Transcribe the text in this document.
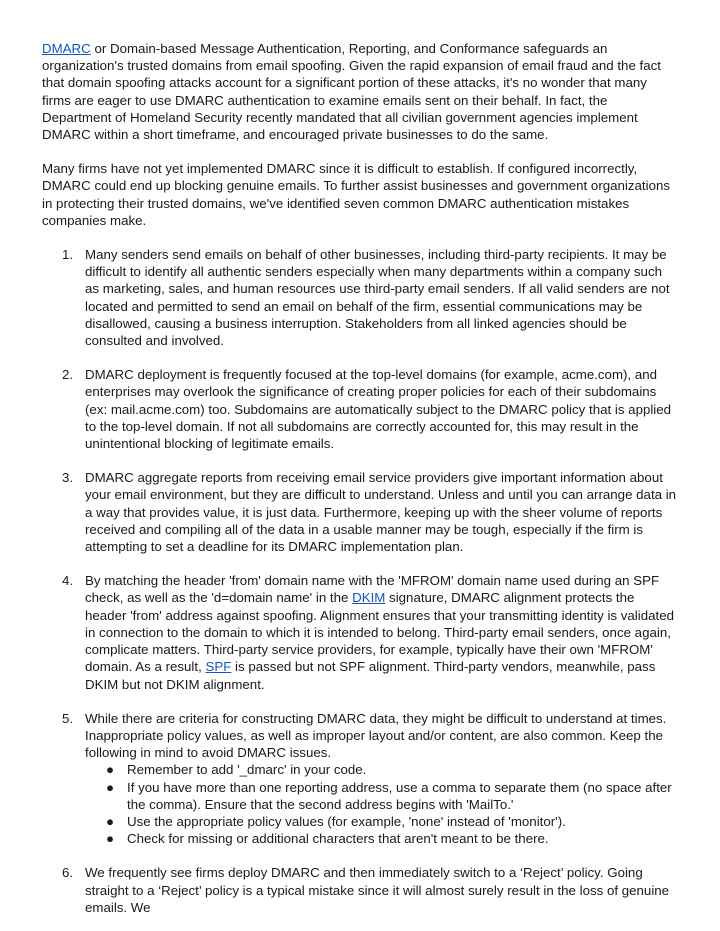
DMARC or Domain-based Message Authentication, Reporting, and Conformance safeguards an organization's trusted domains from email spoofing. Given the rapid expansion of email fraud and the fact that domain spoofing attacks account for a significant portion of these attacks, it's no wonder that many firms are eager to use DMARC authentication to examine emails sent on their behalf. In fact, the Department of Homeland Security recently mandated that all civilian government agencies implement DMARC within a short timeframe, and encouraged private businesses to do the same.

Many firms have not yet implemented DMARC since it is difficult to establish. If configured incorrectly, DMARC could end up blocking genuine emails. To further assist businesses and government organizations in protecting their trusted domains, we've identified seven common DMARC authentication mistakes companies make.

1. Many senders send emails on behalf of other businesses, including third-party recipients. It may be difficult to identify all authentic senders especially when many departments within a company such as marketing, sales, and human resources use third-party email senders. If all valid senders are not located and permitted to send an email on behalf of the firm, essential communications may be disallowed, causing a business interruption. Stakeholders from all linked agencies should be consulted and involved.
2. DMARC deployment is frequently focused at the top-level domains (for example, acme.com), and enterprises may overlook the significance of creating proper policies for each of their subdomains (ex: mail.acme.com) too. Subdomains are automatically subject to the DMARC policy that is applied to the top-level domain. If not all subdomains are correctly accounted for, this may result in the unintentional blocking of legitimate emails.
3. DMARC aggregate reports from receiving email service providers give important information about your email environment, but they are difficult to understand. Unless and until you can arrange data in a way that provides value, it is just data. Furthermore, keeping up with the sheer volume of reports received and compiling all of the data in a usable manner may be tough, especially if the firm is attempting to set a deadline for its DMARC implementation plan.
4. By matching the header 'from' domain name with the 'MFROM' domain name used during an SPF check, as well as the 'd=domain name' in the DKIM signature, DMARC alignment protects the header 'from' address against spoofing. Alignment ensures that your transmitting identity is validated in connection to the domain to which it is intended to belong. Third-party email senders, once again, complicate matters. Third-party service providers, for example, typically have their own 'MFROM' domain. As a result, SPF is passed but not SPF alignment. Third-party vendors, meanwhile, pass DKIM but not DKIM alignment.
5. While there are criteria for constructing DMARC data, they might be difficult to understand at times. Inappropriate policy values, as well as improper layout and/or content, are also common. Keep the following in mind to avoid DMARC issues.
● Remember to add '_dmarc' in your code.
● If you have more than one reporting address, use a comma to separate them (no space after the comma). Ensure that the second address begins with 'MailTo.'
● Use the appropriate policy values (for example, 'none' instead of 'monitor').
● Check for missing or additional characters that aren't meant to be there.
6. We frequently see firms deploy DMARC and then immediately switch to a ‘Reject’ policy. Going straight to a ‘Reject’ policy is a typical mistake since it will almost surely result in the loss of genuine emails. We
